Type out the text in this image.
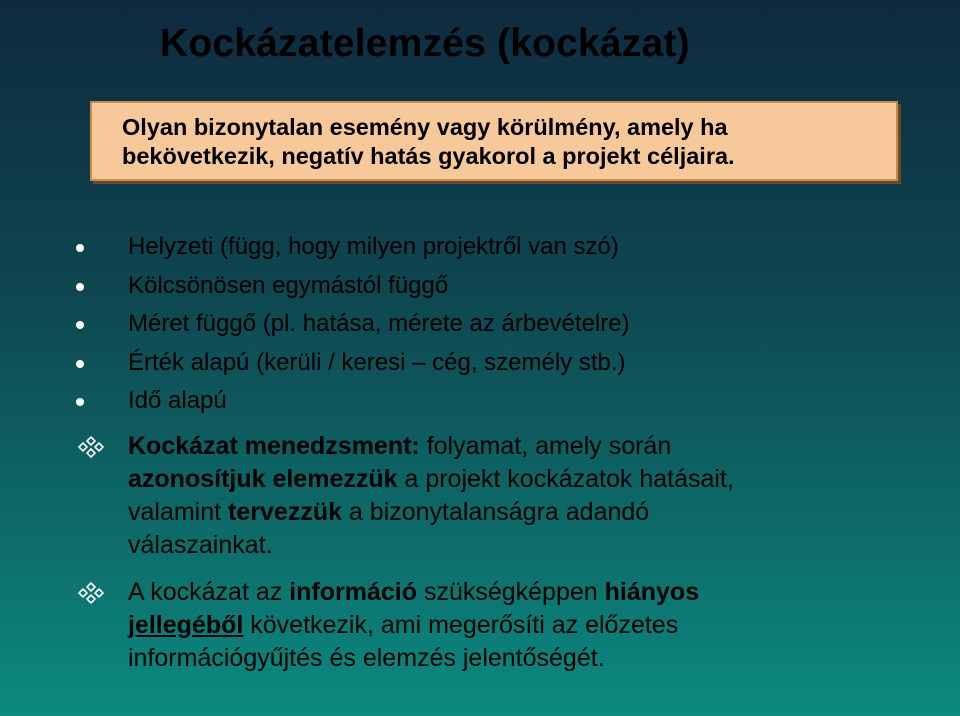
Kockázatelemzés (kockázat)
Olyan bizonytalan esemény vagy körülmény, amely ha
bekövetkezik, negatív hatás gyakorol a projekt céljaira.
Helyzeti (függ, hogy milyen projektről van szó)
Kölcsönösen egymástól függő
Méret függő (pl. hatása, mérete az árbevételre)
Érték alapú (kerüli / keresi – cég, személy stb.)
Idő alapú
Kockázat menedzsment: folyamat, amely során
azonosítjuk elemezzük a projekt kockázatok hatásait,
valamint tervezzük a bizonytalanságra adandó
válaszainkat.
A kockázat az információ szükségképpen hiányos
jellegéből következik, ami megerősíti az előzetes
információgyűjtés és elemzés jelentőségét.
